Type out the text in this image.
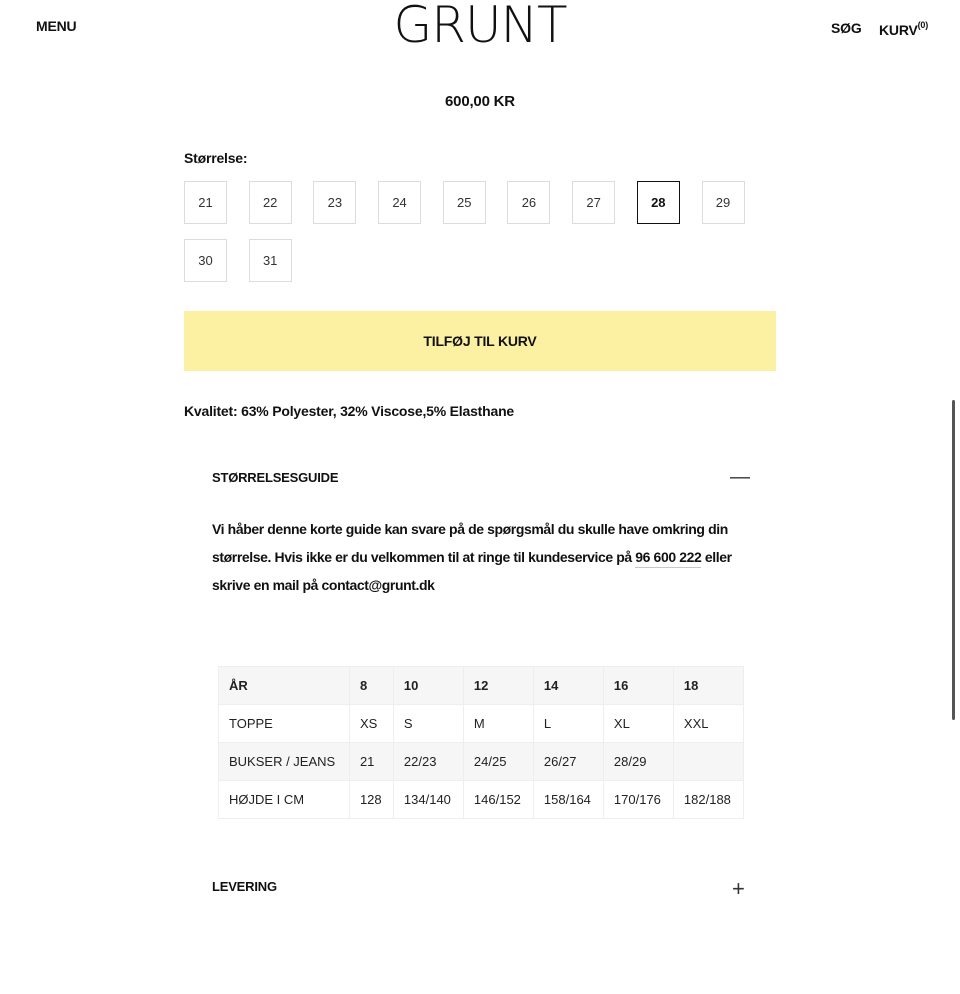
MENU	GRUNT	SØG KURV$^{(0)}$
600,00 KR
Størrelse:
21	22	23	24	25	26	27	28	29
30	31
TILFØJ TIL KURV
Kvalitet: 63% Polyester, 32% Viscose,5% Elasthane
STØRRELSESGUIDE	—
Vi håber denne korte guide kan svare på de spørgsmål du skulle have omkring din størrelse. Hvis ikke er du velkommen til at ringe til kundeservice på 96 600 222 eller skrive en mail på contact@grunt.dk
ÅR	8	10	12	14	16	18
TOPPE	XS	S	M	L	XL	XXL
BUKSER / JEANS	21	22/23	24/25	26/27	28/29	
HØJDE I CM	128	134/140	146/152	158/164	170/176	182/188
LEVERING	+
